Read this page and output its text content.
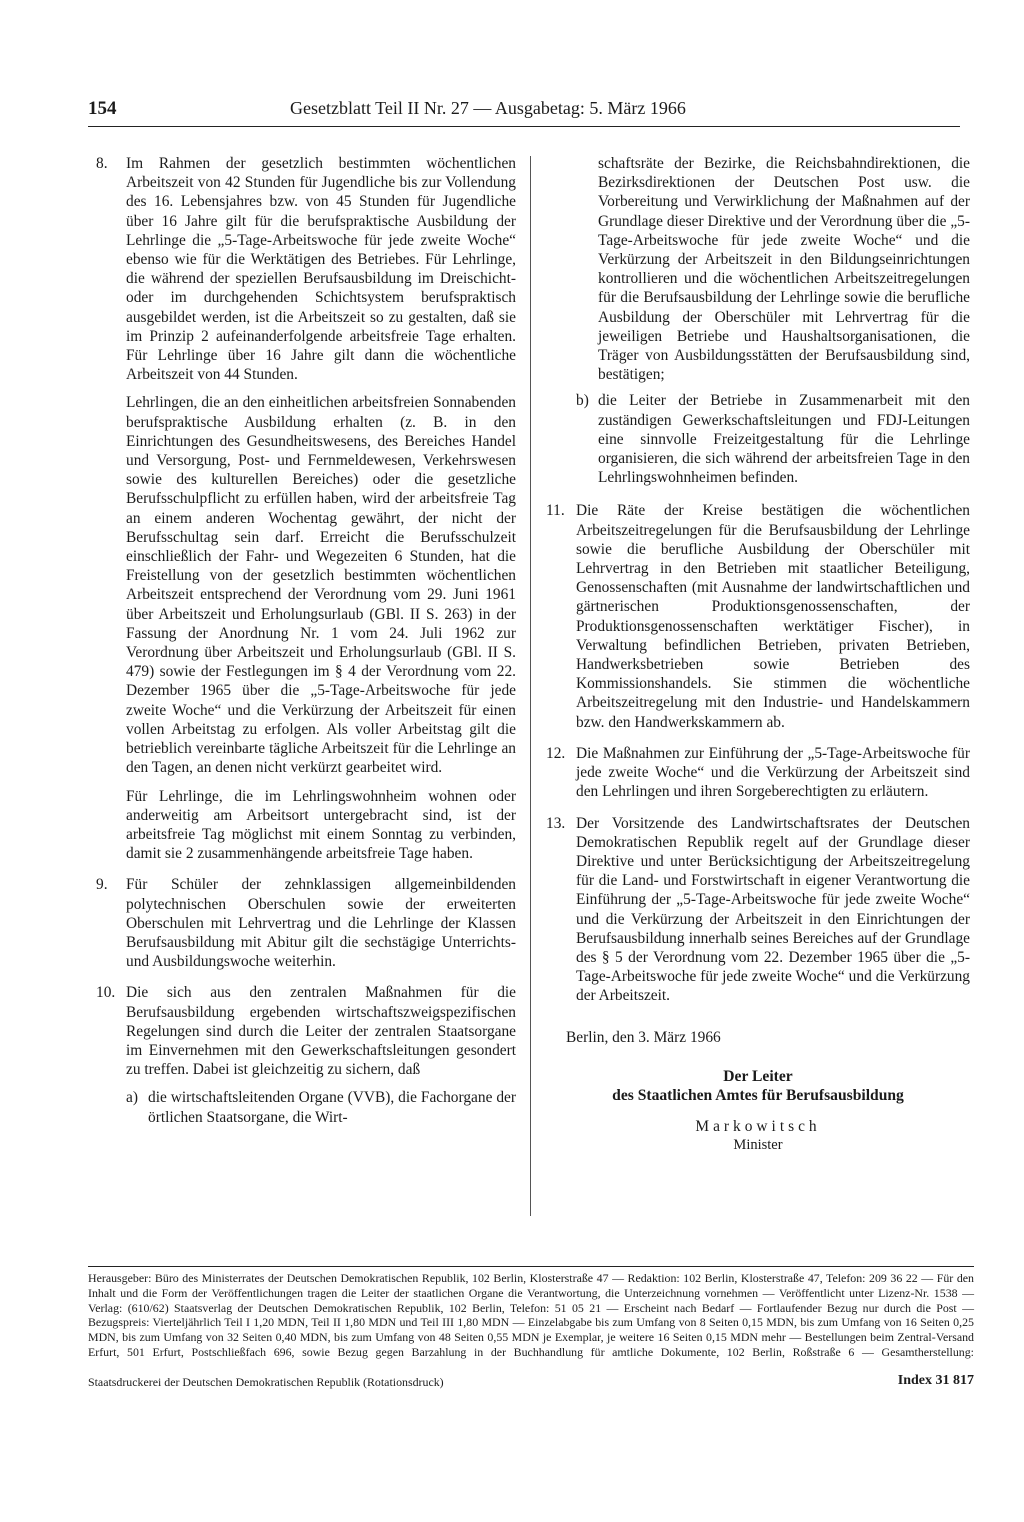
154	Gesetzblatt Teil II Nr. 27 — Ausgabetag: 5. März 1966
8. Im Rahmen der gesetzlich bestimmten wöchentlichen Arbeitszeit von 42 Stunden für Jugendliche bis zur Vollendung des 16. Lebensjahres bzw. von 45 Stunden für Jugendliche über 16 Jahre gilt für die berufspraktische Ausbildung der Lehrlinge die „5-Tage-Arbeitswoche für jede zweite Woche“ ebenso wie für die Werktätigen des Betriebes. Für Lehrlinge, die während der speziellen Berufsausbildung im Dreischicht- oder im durchgehenden Schichtsystem berufspraktisch ausgebildet werden, ist die Arbeitszeit so zu gestalten, daß sie im Prinzip 2 aufeinanderfolgende arbeitsfreie Tage erhalten. Für Lehrlinge über 16 Jahre gilt dann die wöchentliche Arbeitszeit von 44 Stunden.

Lehrlingen, die an den einheitlichen arbeitsfreien Sonnabenden berufspraktische Ausbildung erhalten (z. B. in den Einrichtungen des Gesundheitswesens, des Bereiches Handel und Versorgung, Post- und Fernmeldewesen, Verkehrswesen sowie des kulturellen Bereiches) oder die gesetzliche Berufsschulpflicht zu erfüllen haben, wird der arbeitsfreie Tag an einem anderen Wochentag gewährt, der nicht der Berufsschultag sein darf. Erreicht die Berufsschulzeit einschließlich der Fahr- und Wegezeiten 6 Stunden, hat die Freistellung von der gesetzlich bestimmten wöchentlichen Arbeitszeit entsprechend der Verordnung vom 29. Juni 1961 über Arbeitszeit und Erholungsurlaub (GBl. II S. 263) in der Fassung der Anordnung Nr. 1 vom 24. Juli 1962 zur Verordnung über Arbeitszeit und Erholungsurlaub (GBl. II S. 479) sowie der Festlegungen im § 4 der Verordnung vom 22. Dezember 1965 über die „5-Tage-Arbeitswoche für jede zweite Woche“ und die Verkürzung der Arbeitszeit für einen vollen Arbeitstag zu erfolgen. Als voller Arbeitstag gilt die betrieblich vereinbarte tägliche Arbeitszeit für die Lehrlinge an den Tagen, an denen nicht verkürzt gearbeitet wird.

Für Lehrlinge, die im Lehrlingswohnheim wohnen oder anderweitig am Arbeitsort untergebracht sind, ist der arbeitsfreie Tag möglichst mit einem Sonntag zu verbinden, damit sie 2 zusammenhängende arbeitsfreie Tage haben.

9. Für Schüler der zehnklassigen allgemeinbildenden polytechnischen Oberschulen sowie der erweiterten Oberschulen mit Lehrvertrag und die Lehrlinge der Klassen Berufsausbildung mit Abitur gilt die sechstägige Unterrichts- und Ausbildungswoche weiterhin.

10. Die sich aus den zentralen Maßnahmen für die Berufsausbildung ergebenden wirtschaftszweigspezifischen Regelungen sind durch die Leiter der zentralen Staatsorgane im Einvernehmen mit den Gewerkschaftsleitungen gesondert zu treffen. Dabei ist gleichzeitig zu sichern, daß

a) die wirtschaftsleitenden Organe (VVB), die Fachorgane der örtlichen Staatsorgane, die Wirt-
schaftsräte der Bezirke, die Reichsbahndirektionen, die Bezirksdirektionen der Deutschen Post usw. die Vorbereitung und Verwirklichung der Maßnahmen auf der Grundlage dieser Direktive und der Verordnung über die „5-Tage-Arbeitswoche für jede zweite Woche“ und die Verkürzung der Arbeitszeit in den Bildungseinrichtungen kontrollieren und die wöchentlichen Arbeitszeitregelungen für die Berufsausbildung der Lehrlinge sowie die berufliche Ausbildung der Oberschüler mit Lehrvertrag für die jeweiligen Betriebe und Haushaltsorganisationen, die Träger von Ausbildungsstätten der Berufsausbildung sind, bestätigen;
b) die Leiter der Betriebe in Zusammenarbeit mit den zuständigen Gewerkschaftsleitungen und FDJ-Leitungen eine sinnvolle Freizeitgestaltung für die Lehrlinge organisieren, die sich während der arbeitsfreien Tage in den Lehrlingswohnheimen befinden.
11. Die Räte der Kreise bestätigen die wöchentlichen Arbeitszeitregelungen für die Berufsausbildung der Lehrlinge sowie die berufliche Ausbildung der Oberschüler mit Lehrvertrag in den Betrieben mit staatlicher Beteiligung, Genossenschaften (mit Ausnahme der landwirtschaftlichen und gärtnerischen Produktionsgenossenschaften, der Produktionsgenossenschaften werktätiger Fischer), in Verwaltung befindlichen Betrieben, privaten Betrieben, Handwerksbetrieben sowie Betrieben des Kommissionshandels. Sie stimmen die wöchentliche Arbeitszeitregelung mit den Industrie- und Handelskammern bzw. den Handwerkskammern ab.

12. Die Maßnahmen zur Einführung der „5-Tage-Arbeitswoche für jede zweite Woche“ und die Verkürzung der Arbeitszeit sind den Lehrlingen und ihren Sorgeberechtigten zu erläutern.

13. Der Vorsitzende des Landwirtschaftsrates der Deutschen Demokratischen Republik regelt auf der Grundlage dieser Direktive und unter Berücksichtigung der Arbeitszeitregelung für die Land- und Forstwirtschaft in eigener Verantwortung die Einführung der „5-Tage-Arbeitswoche für jede zweite Woche“ und die Verkürzung der Arbeitszeit in den Einrichtungen der Berufsausbildung innerhalb seines Bereiches auf der Grundlage des § 5 der Verordnung vom 22. Dezember 1965 über die „5-Tage-Arbeitswoche für jede zweite Woche“ und die Verkürzung der Arbeitszeit.

Berlin, den 3. März 1966
Der Leiter
des Staatlichen Amtes für Berufsausbildung
Markowitsch
Minister
Herausgeber: Büro des Ministerrates der Deutschen Demokratischen Republik, 102 Berlin, Klosterstraße 47 — Redaktion: 102 Berlin, Klosterstraße 47, Telefon: 209 36 22 — Für den Inhalt und die Form der Veröffentlichungen tragen die Leiter der staatlichen Organe die Verantwortung, die Unterzeichnung vornehmen — Veröffentlicht unter Lizenz-Nr. 1538 — Verlag: (610/62) Staatsverlag der Deutschen Demokratischen Republik, 102 Berlin, Telefon: 51 05 21 — Erscheint nach Bedarf — Fortlaufender Bezug nur durch die Post — Bezugspreis: Vierteljährlich Teil I 1,20 MDN, Teil II 1,80 MDN und Teil III 1,80 MDN — Einzelabgabe bis zum Umfang von 8 Seiten 0,15 MDN, bis zum Umfang von 16 Seiten 0,25 MDN, bis zum Umfang von 32 Seiten 0,40 MDN, bis zum Umfang von 48 Seiten 0,55 MDN je Exemplar, je weitere 16 Seiten 0,15 MDN mehr — Bestellungen beim Zentral-Versand Erfurt, 501 Erfurt, Postschließfach 696, sowie Bezug gegen Barzahlung in der Buchhandlung für amtliche Dokumente, 102 Berlin, Roßstraße 6 — Gesamtherstellung:
Staatsdruckerei der Deutschen Demokratischen Republik (Rotationsdruck)	Index 31 817
